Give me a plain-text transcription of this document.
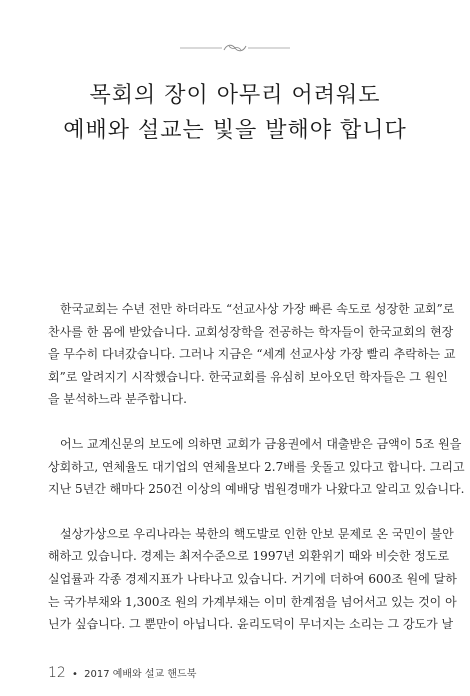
목회의 장이 아무리 어려워도
예배와 설교는 빛을 발해야 합니다
한국교회는 수년 전만 하더라도 “선교사상 가장 빠른 속도로 성장한 교회”로
찬사를 한 몸에 받았습니다. 교회성장학을 전공하는 학자들이 한국교회의 현장
을 무수히 다녀갔습니다. 그러나 지금은 “세계 선교사상 가장 빨리 추락하는 교
회”로 알려지기 시작했습니다. 한국교회를 유심히 보아오던 학자들은 그 원인
을 분석하느라 분주합니다.
어느 교계신문의 보도에 의하면 교회가 금융권에서 대출받은 금액이 5조 원을
상회하고, 연체율도 대기업의 연체율보다 2.7배를 웃돌고 있다고 합니다. 그리고
지난 5년간 해마다 250건 이상의 예배당 법원경매가 나왔다고 알리고 있습니다.
설상가상으로 우리나라는 북한의 핵도발로 인한 안보 문제로 온 국민이 불안
해하고 있습니다. 경제는 최저수준으로 1997년 외환위기 때와 비슷한 정도로
실업률과 각종 경제지표가 나타나고 있습니다. 거기에 더하여 600조 원에 달하
는 국가부채와 1,300조 원의 가계부채는 이미 한계점을 넘어서고 있는 것이 아
닌가 싶습니다. 그 뿐만이 아닙니다. 윤리도덕이 무너지는 소리는 그 강도가 날
12 • 2017 예배와 설교 핸드북
